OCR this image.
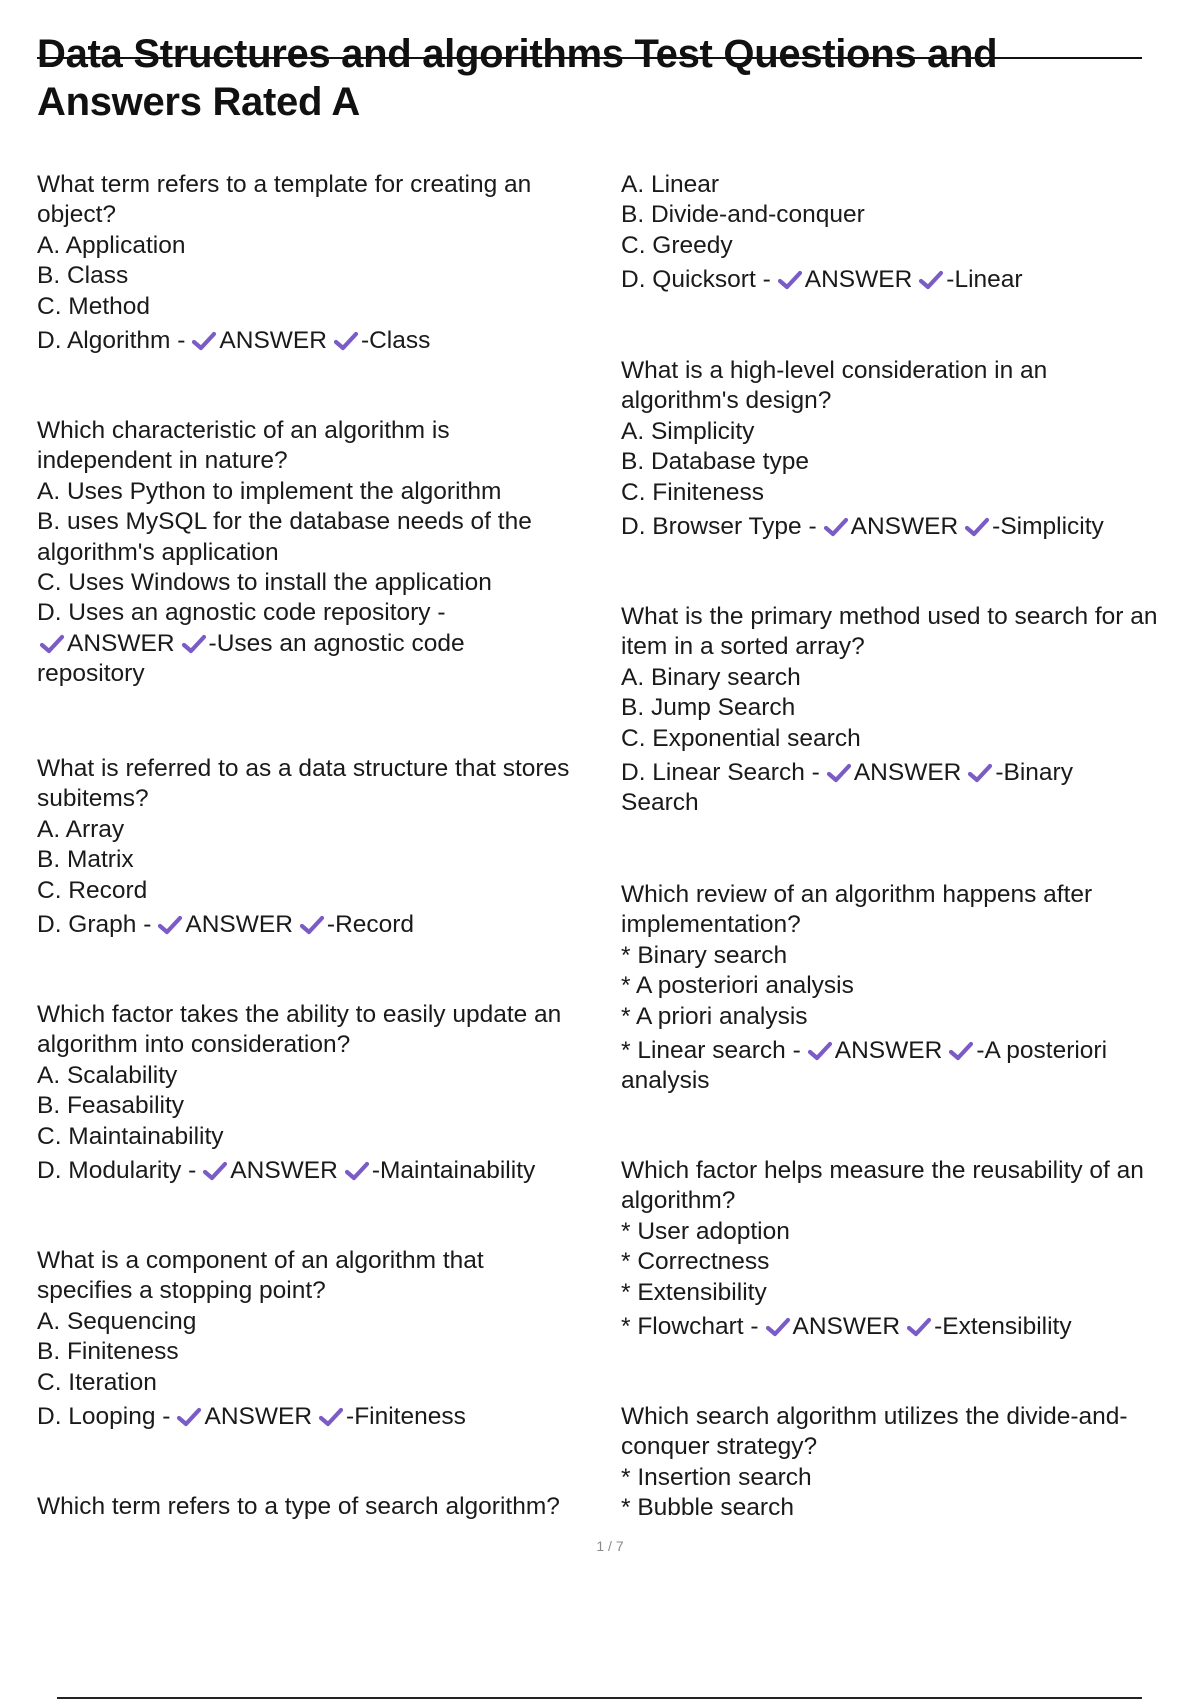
Data Structures and algorithms Test Questions and
Answers Rated A
What term refers to a template for creating an object?
A. Application
B. Class
C. Method
D. Algorithm - ANSWER -Class
Which characteristic of an algorithm is independent in nature?
A. Uses Python to implement the algorithm
B. uses MySQL for the database needs of the algorithm's application
C. Uses Windows to install the application
D. Uses an agnostic code repository -
ANSWER -Uses an agnostic code repository
What is referred to as a data structure that stores subitems?
A. Array
B. Matrix
C. Record
D. Graph - ANSWER -Record
Which factor takes the ability to easily update an algorithm into consideration?
A. Scalability
B. Feasability
C. Maintainability
D. Modularity - ANSWER -Maintainability
What is a component of an algorithm that specifies a stopping point?
A. Sequencing
B. Finiteness
C. Iteration
D. Looping - ANSWER -Finiteness
Which term refers to a type of search algorithm?
A. Linear
B. Divide-and-conquer
C. Greedy
D. Quicksort - ANSWER -Linear
What is a high-level consideration in an algorithm's design?
A. Simplicity
B. Database type
C. Finiteness
D. Browser Type - ANSWER -Simplicity
What is the primary method used to search for an item in a sorted array?
A. Binary search
B. Jump Search
C. Exponential search
D. Linear Search - ANSWER -Binary Search
Which review of an algorithm happens after implementation?
* Binary search
* A posteriori analysis
* A priori analysis
* Linear search - ANSWER -A posteriori analysis
Which factor helps measure the reusability of an algorithm?
* User adoption
* Correctness
* Extensibility
* Flowchart - ANSWER -Extensibility
Which search algorithm utilizes the divide-and-conquer strategy?
* Insertion search
* Bubble search
1 / 7
